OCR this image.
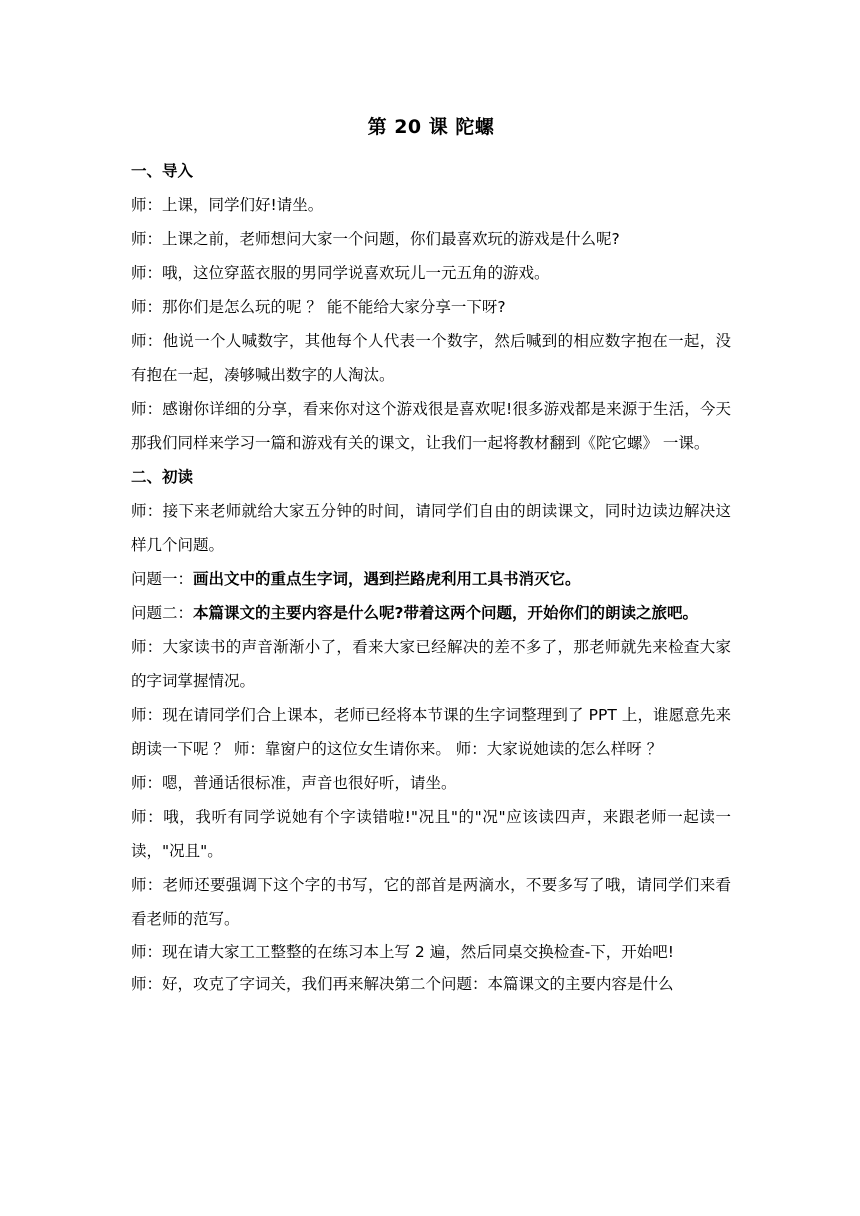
第 20 课 陀螺
一、导入

师：上课，同学们好!请坐。

师：上课之前，老师想问大家一个问题，你们最喜欢玩的游戏是什么呢?

师：哦，这位穿蓝衣服的男同学说喜欢玩儿一元五角的游戏。

师：那你们是怎么玩的呢 ？ 能不能给大家分享一下呀?

师：他说一个人喊数字，其他每个人代表一个数字，然后喊到的相应数字抱在一起，没有抱在一起，凑够喊出数字的人淘汰。

师：感谢你详细的分享，看来你对这个游戏很是喜欢呢!很多游戏都是来源于生活，今天那我们同样来学习一篇和游戏有关的课文，让我们一起将教材翻到《陀它螺》 一课。

二、初读

师：接下来老师就给大家五分钟的时间，请同学们自由的朗读课文，同时边读边解决这样几个问题。

问题一：画出文中的重点生字词，遇到拦路虎利用工具书消灭它。

问题二：本篇课文的主要内容是什么呢?带着这两个问题，开始你们的朗读之旅吧。

师：大家读书的声音渐渐小了，看来大家已经解决的差不多了，那老师就先来检查大家的字词掌握情况。

师：现在请同学们合上课本，老师已经将本节课的生字词整理到了 PPT 上，谁愿意先来朗读一下呢 ？ 师：靠窗户的这位女生请你来。 师：大家说她读的怎么样呀 ？

师：嗯，普通话很标准，声音也很好听，请坐。

师：哦，我听有同学说她有个字读错啦!"况且"的"况"应该读四声，来跟老师一起读一读，"况且"。

师：老师还要强调下这个字的书写，它的部首是两滴水，不要多写了哦，请同学们来看看老师的范写。

师：现在请大家工工整整的在练习本上写 2 遍，然后同桌交换检查-下，开始吧!

师：好，攻克了字词关，我们再来解决第二个问题：本篇课文的主要内容是什么
